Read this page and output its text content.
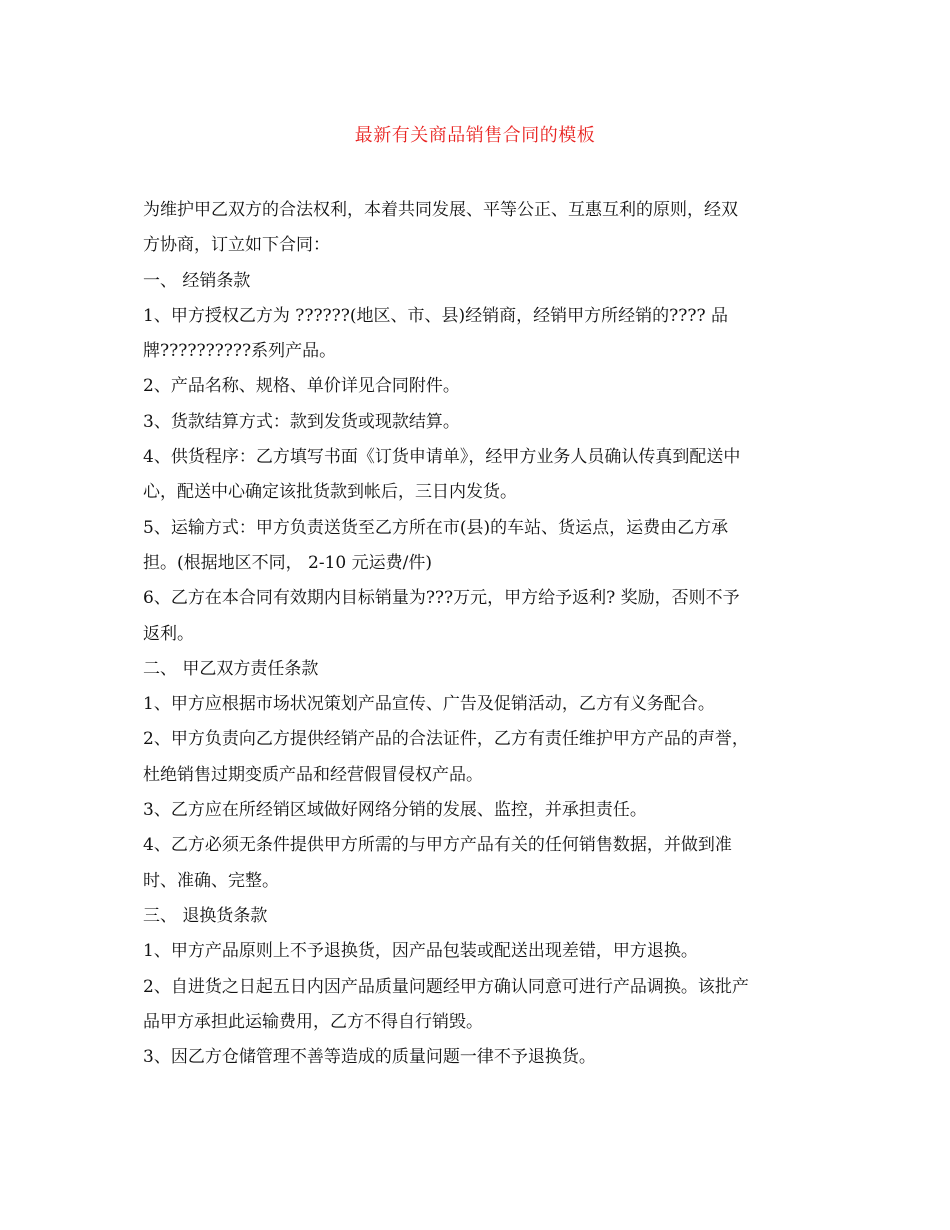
最新有关商品销售合同的模板

为维护甲乙双方的合法权利，本着共同发展、平等公正、互惠互利的原则，经双
方协商，订立如下合同：

一、 经销条款

1、甲方授权乙方为 ??????(地区、市、县)经销商，经销甲方所经销的???? 品
牌??????????系列产品。

2、产品名称、规格、单价详见合同附件。

3、货款结算方式：款到发货或现款结算。

4、供货程序：乙方填写书面《订货申请单》，经甲方业务人员确认传真到配送中
心，配送中心确定该批货款到帐后，三日内发货。

5、运输方式：甲方负责送货至乙方所在市(县)的车站、货运点，运费由乙方承
担。(根据地区不同， 2-10 元运费/件)

6、乙方在本合同有效期内目标销量为???万元，甲方给予返利? 奖励，否则不予
返利。

二、 甲乙双方责任条款

1、甲方应根据市场状况策划产品宣传、广告及促销活动，乙方有义务配合。

2、甲方负责向乙方提供经销产品的合法证件，乙方有责任维护甲方产品的声誉，
杜绝销售过期变质产品和经营假冒侵权产品。

3、乙方应在所经销区域做好网络分销的发展、监控，并承担责任。

4、乙方必须无条件提供甲方所需的与甲方产品有关的任何销售数据，并做到准
时、准确、完整。

三、 退换货条款

1、甲方产品原则上不予退换货，因产品包装或配送出现差错，甲方退换。

2、自进货之日起五日内因产品质量问题经甲方确认同意可进行产品调换。该批产
品甲方承担此运输费用，乙方不得自行销毁。

3、因乙方仓储管理不善等造成的质量问题一律不予退换货。
